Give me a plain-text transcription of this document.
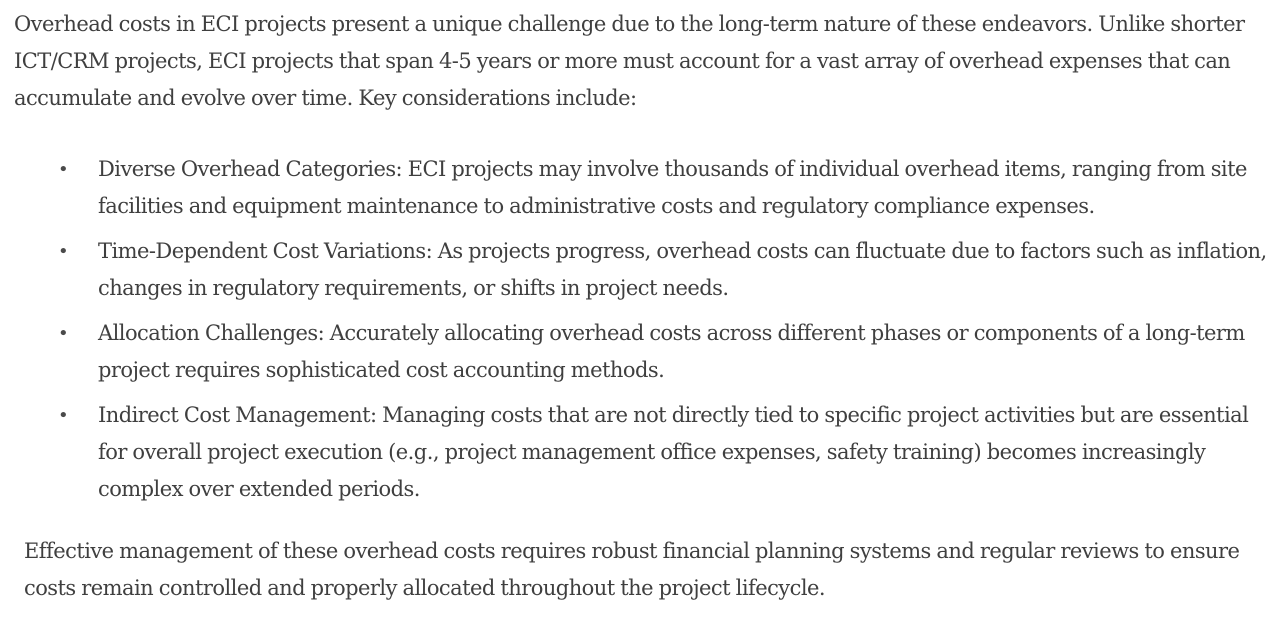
Overhead costs in ECI projects present a unique challenge due to the long-term nature of these endeavors. Unlike shorter ICT/CRM projects, ECI projects that span 4-5 years or more must account for a vast array of overhead expenses that can accumulate and evolve over time. Key considerations include:

• Diverse Overhead Categories: ECI projects may involve thousands of individual overhead items, ranging from site facilities and equipment maintenance to administrative costs and regulatory compliance expenses.
• Time-Dependent Cost Variations: As projects progress, overhead costs can fluctuate due to factors such as inflation, changes in regulatory requirements, or shifts in project needs.
• Allocation Challenges: Accurately allocating overhead costs across different phases or components of a long-term project requires sophisticated cost accounting methods.
• Indirect Cost Management: Managing costs that are not directly tied to specific project activities but are essential for overall project execution (e.g., project management office expenses, safety training) becomes increasingly complex over extended periods.

Effective management of these overhead costs requires robust financial planning systems and regular reviews to ensure costs remain controlled and properly allocated throughout the project lifecycle.
